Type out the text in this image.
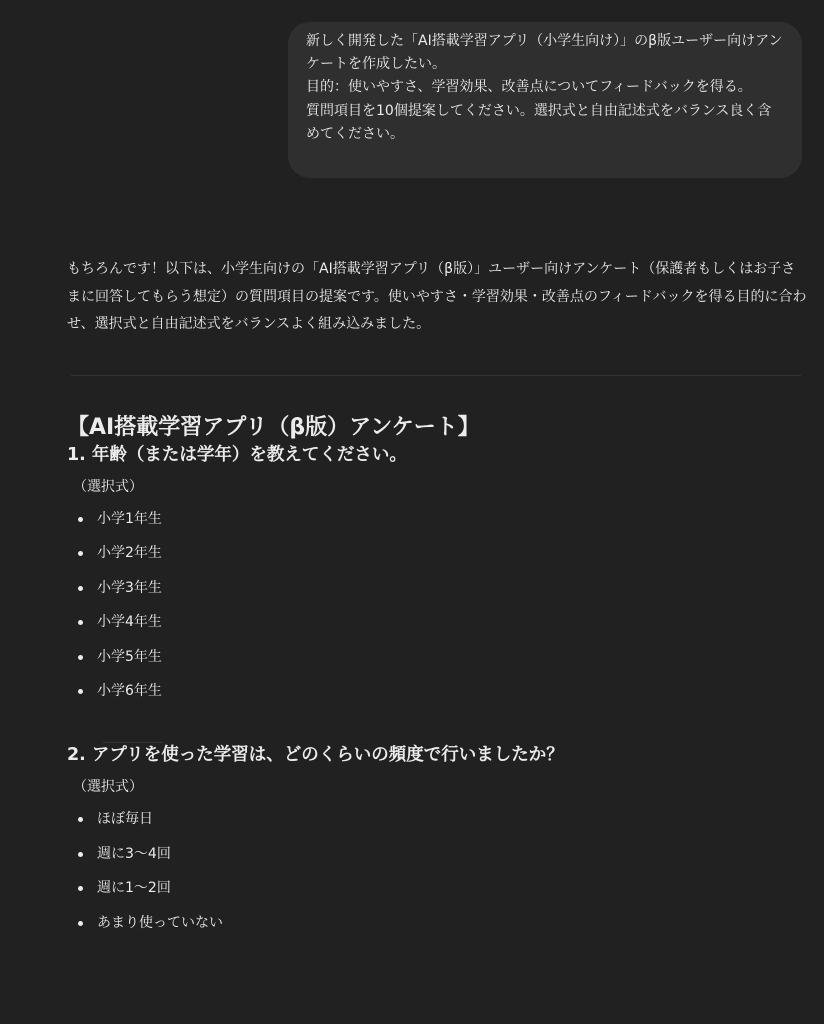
新しく開発した「AI搭載学習アプリ（小学生向け）」のβ版ユーザー向けアンケートを作成したい。

目的：使いやすさ、学習効果、改善点についてフィードバックを得る。

質問項目を10個提案してください。選択式と自由記述式をバランス良く含めてください。

もちろんです！以下は、小学生向けの「AI搭載学習アプリ（β版）」ユーザー向けアンケート（保護者もしくはお子さまに回答してもらう想定）の質問項目の提案です。使いやすさ・学習効果・改善点のフィードバックを得る目的に合わせ、選択式と自由記述式をバランスよく組み込みました。

【AI搭載学習アプリ（β版）アンケート】
1. 年齢（または学年）を教えてください。
（選択式）
小学1年生
小学2年生
小学3年生
小学4年生
小学5年生
小学6年生
2. アプリを使った学習は、どのくらいの頻度で行いましたか？
（選択式）
ほぼ毎日
週に3〜4回
週に1〜2回
あまり使っていない
